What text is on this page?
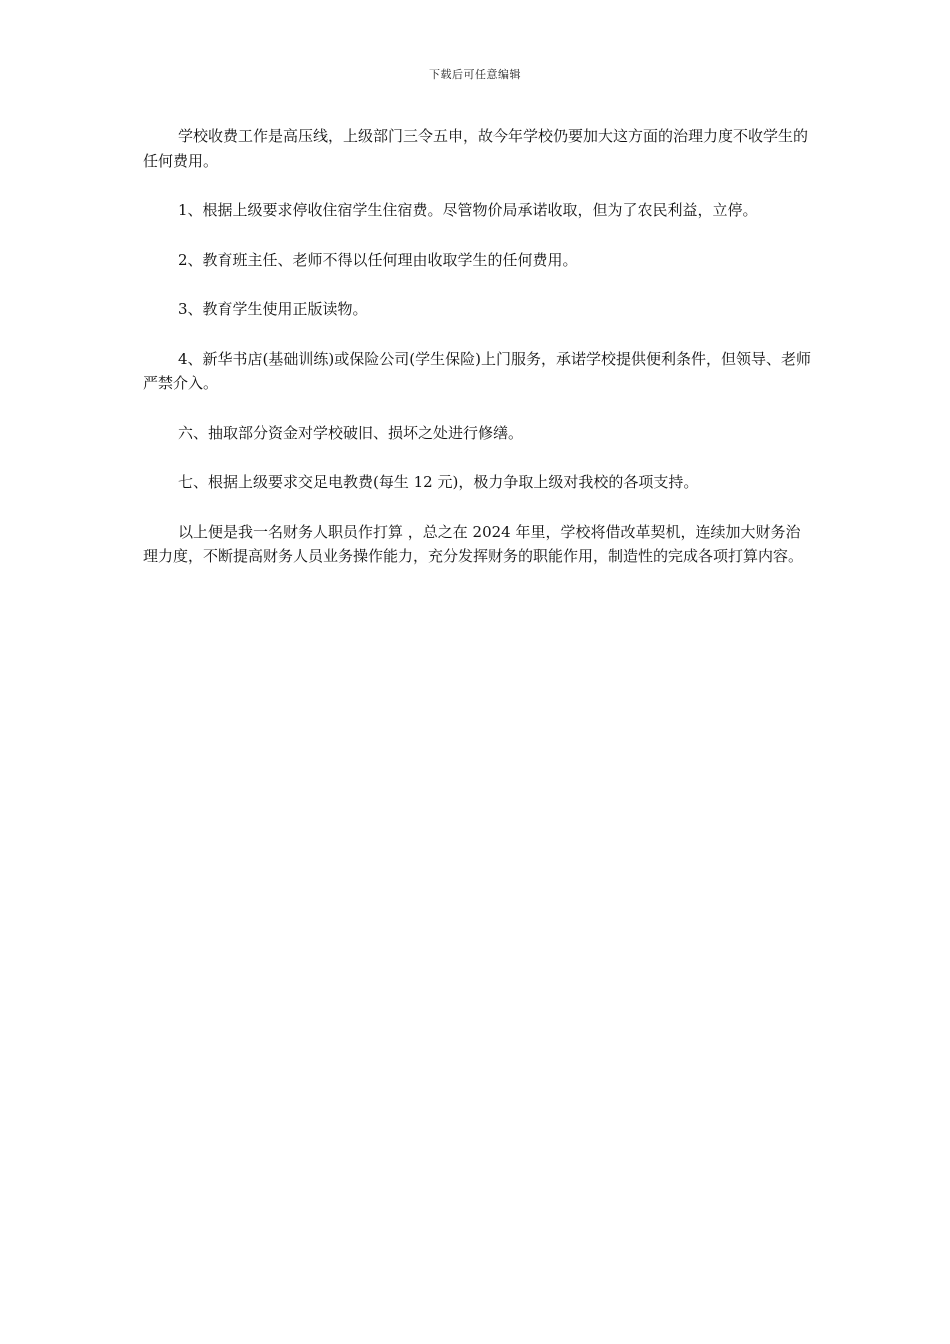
下载后可任意编辑

学校收费工作是高压线，上级部门三令五申，故今年学校仍要加大这方面的治理力度不收学生的任何费用。

1、根据上级要求停收住宿学生住宿费。尽管物价局承诺收取，但为了农民利益，立停。

2、教育班主任、老师不得以任何理由收取学生的任何费用。

3、教育学生使用正版读物。

4、新华书店(基础训练)或保险公司(学生保险)上门服务，承诺学校提供便利条件，但领导、老师严禁介入。

六、抽取部分资金对学校破旧、损坏之处进行修缮。

七、根据上级要求交足电教费(每生 12 元)，极力争取上级对我校的各项支持。

以上便是我一名财务人职员作打算 ，总之在 2024 年里，学校将借改革契机，连续加大财务治理力度，不断提高财务人员业务操作能力，充分发挥财务的职能作用，制造性的完成各项打算内容。
